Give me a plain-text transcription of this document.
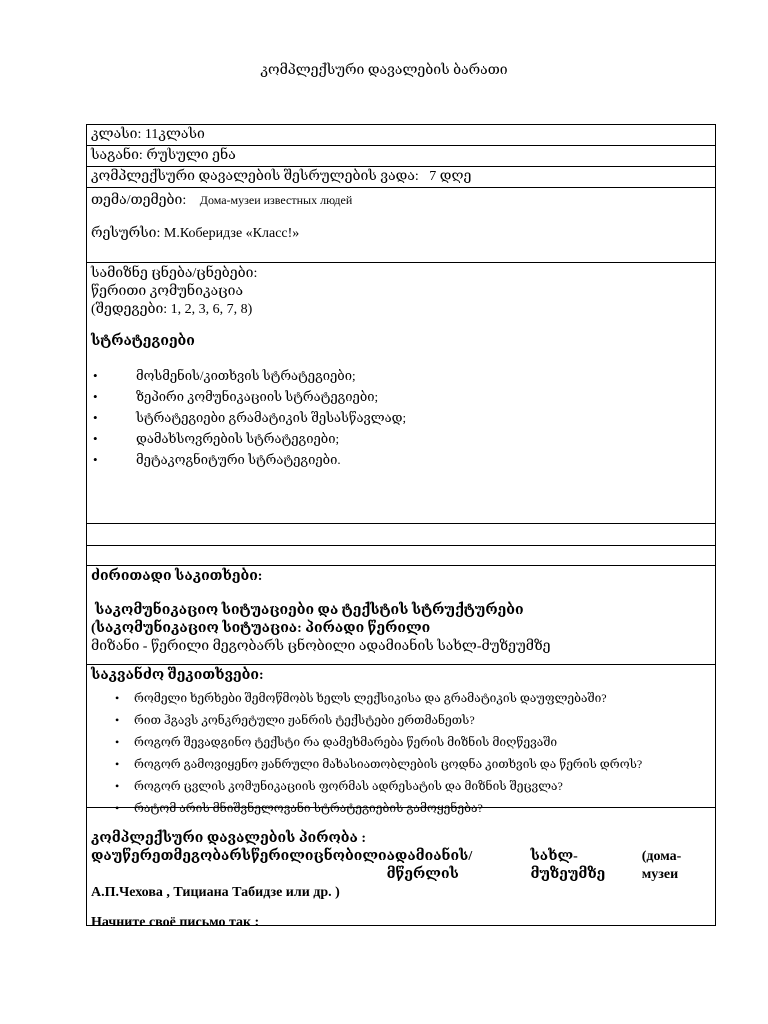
კომპლექსური დავალების ბარათი
კლასი: 11კლასი
საგანი: რუსული ენა
კომპლექსური დავალების შესრულების ვადა: 7 დღე
თემა/თემები: Дома-музеи известных людей
რესურსი: М.Коберидзе «Класс!»
სამიზნე ცნება/ცნებები:
წერითი კომუნიკაცია
(შედეგები: 1, 2, 3, 6, 7, 8)
სტრატეგიები
• მოსმენის/კითხვის სტრატეგიები;
• ზეპირი კომუნიკაციის სტრატეგიები;
• სტრატეგიები გრამატიკის შესასწავლად;
• დამახსოვრების სტრატეგიები;
• მეტაკოგნიტური სტრატეგიები.
ძირითადი საკითხები:
საკომუნიკაციო სიტუაციები და ტექსტის სტრუქტურები
(საკომუნიკაციო სიტუაცია: პირადი წერილი
მიზანი - წერილი მეგობარს ცნობილი ადამიანის სახლ-მუზეუმზე
საკვანძო შეკითხვები:
• რომელი ხერხები შემოწმობს ხელს ლექსიკისა და გრამატიკის დაუფლებაში?
• რით ჰგავს კონკრეტული ჟანრის ტექსტები ერთმანეთს?
• როგორ შევადგინო ტექსტი რა დამეხმარება წერის მიზნის მიღწევაში
• როგორ გამოვიყენო ჟანრული მახასიათობლების ცოდნა კითხვის და წერის დროს?
• როგორ ცვლის კომუნიკაციის ფორმას ადრესატის და მიზნის შეცვლა?
• რატომ არის მნიშვნელოვანი სტრატეგიების გამოყენება?
კომპლექსური დავალების პირობა :
დაუწერეთ მეგობარს წერილი ცნობილი ადამიანის/მწერლის
სახლ-მუზეუმზე
(дома-музеи
А.П.Чехова , Тициана Табидзе или др. )
Начните своё письмо так :
